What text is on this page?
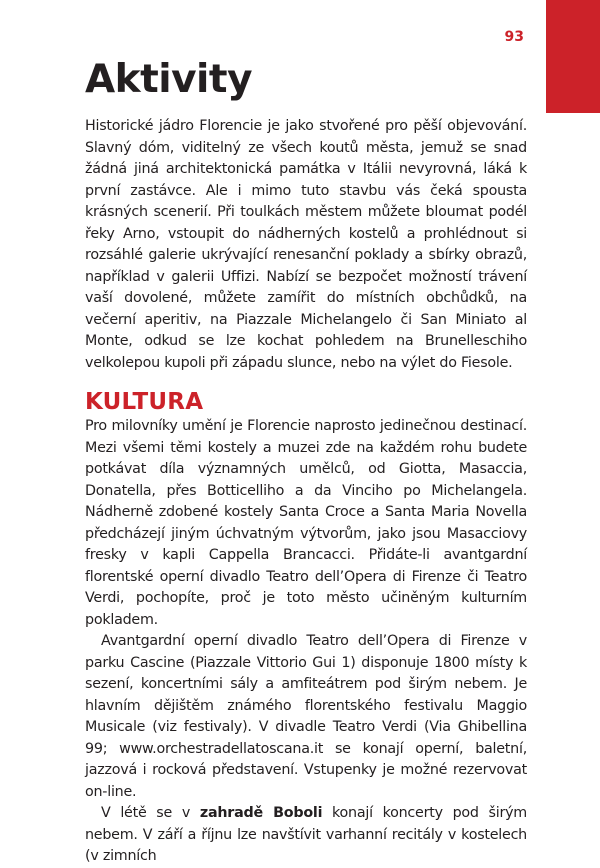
93
Aktivity

Historické jádro Florencie je jako stvořené pro pěší objevování. Slavný dóm, viditelný ze všech koutů města, jemuž se snad žádná jiná architektonická památka v Itálii nevyrovná, láká k první zastávce. Ale i mimo tuto stavbu vás čeká spousta krásných scenerií. Při toulkách městem můžete bloumat podél řeky Arno, vstoupit do nádherných kostelů a prohlédnout si rozsáhlé galerie ukrývající renesanční poklady a sbírky obrazů, například v galerii Uffizi. Nabízí se bezpočet možností trávení vaší dovolené, můžete zamířit do místních obchůdků, na večerní aperitiv, na Piazzale Michelangelo či San Miniato al Monte, odkud se lze kochat pohledem na Brunelleschiho velkolepou kupoli při západu slunce, nebo na výlet do Fiesole.

KULTURA

Pro milovníky umění je Florencie naprosto jedinečnou destinací. Mezi všemi těmi kostely a muzei zde na každém rohu budete potkávat díla významných umělců, od Giotta, Masaccia, Donatella, přes Botticelliho a da Vinciho po Michelangela. Nádherně zdobené kostely Santa Croce a Santa Maria Novella předcházejí jiným úchvatným výtvorům, jako jsou Masacciovy fresky v kapli Cappella Brancacci. Přidáte-li avantgardní florentské operní divadlo Teatro dell’Opera di Firenze či Teatro Verdi, pochopíte, proč je toto město učiněným kulturním pokladem.

Avantgardní operní divadlo Teatro dell’Opera di Firenze v parku Cascine (Piazzale Vittorio Gui 1) disponuje 1800 místy k sezení, koncertními sály a amfiteátrem pod širým nebem. Je hlavním dějištěm známého florentského festivalu Maggio Musicale (viz festivaly). V divadle Teatro Verdi (Via Ghibellina 99; www.orchestradellatoscana.it se konají operní, baletní, jazzová i rocková představení. Vstupenky je možné rezervovat on-line.

V létě se v zahradě Boboli konají koncerty pod širým nebem. V září a říjnu lze navštívit varhanní recitály v kostelech (v zimních
